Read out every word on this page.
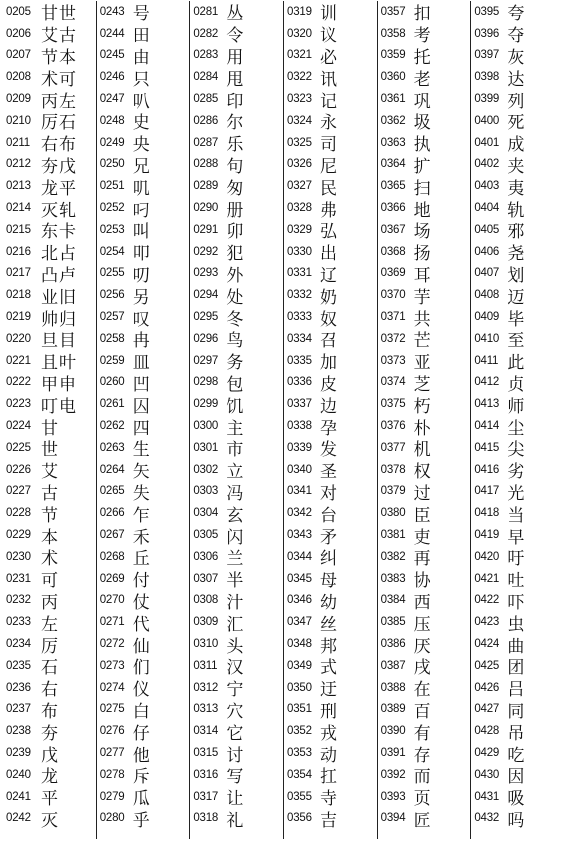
0205 甘世
0206 艾古
0207 节本
0208 术可
0209 丙左
0210 厉石
0211 右布
0212 夯戊
0213 龙平
0214 灭轧
0215 东卡
0216 北占
0217 凸卢
0218 业旧
0219 帅归
0220 旦目
0221 且叶
0222 甲申
0223 叮电
0224 甘
0225 世
0226 艾
0227 古
0228 节
0229 本
0230 术
0231 可
0232 丙
0233 左
0234 厉
0235 石
0236 右
0237 布
0238 夯
0239 戊
0240 龙
0241 平
0242 灭
0243 号
0244 田
0245 由
0246 只
0247 叭
0248 史
0249 央
0250 兄
0251 叽
0252 叼
0253 叫
0254 叩
0255 叨
0256 另
0257 叹
0258 冉
0259 皿
0260 凹
0261 囚
0262 四
0263 生
0264 矢
0265 失
0266 乍
0267 禾
0268 丘
0269 付
0270 仗
0271 代
0272 仙
0273 们
0274 仪
0275 白
0276 仔
0277 他
0278 斥
0279 瓜
0280 乎
0281 丛
0282 令
0283 用
0284 甩
0285 印
0286 尔
0287 乐
0288 句
0289 匆
0290 册
0291 卯
0292 犯
0293 外
0294 处
0295 冬
0296 鸟
0297 务
0298 包
0299 饥
0300 主
0301 市
0302 立
0303 冯
0304 玄
0305 闪
0306 兰
0307 半
0308 汁
0309 汇
0310 头
0311 汉
0312 宁
0313 穴
0314 它
0315 讨
0316 写
0317 让
0318 礼
0319 训
0320 议
0321 必
0322 讯
0323 记
0324 永
0325 司
0326 尼
0327 民
0328 弗
0329 弘
0330 出
0331 辽
0332 奶
0333 奴
0334 召
0335 加
0336 皮
0337 边
0338 孕
0339 发
0340 圣
0341 对
0342 台
0343 矛
0344 纠
0345 母
0346 幼
0347 丝
0348 邦
0349 式
0350 迂
0351 刑
0352 戎
0353 动
0354 扛
0355 寺
0356 吉
0357 扣
0358 考
0359 托
0360 老
0361 巩
0362 圾
0363 执
0364 扩
0365 扫
0366 地
0367 场
0368 扬
0369 耳
0370 芋
0371 共
0372 芒
0373 亚
0374 芝
0375 朽
0376 朴
0377 机
0378 权
0379 过
0380 臣
0381 吏
0382 再
0383 协
0384 西
0385 压
0386 厌
0387 戌
0388 在
0389 百
0390 有
0391 存
0392 而
0393 页
0394 匠
0395 夸
0396 夺
0397 灰
0398 达
0399 列
0400 死
0401 成
0402 夹
0403 夷
0404 轨
0405 邪
0406 尧
0407 划
0408 迈
0409 毕
0410 至
0411 此
0412 贞
0413 师
0414 尘
0415 尖
0416 劣
0417 光
0418 当
0419 早
0420 吁
0421 吐
0422 吓
0423 虫
0424 曲
0425 团
0426 吕
0427 同
0428 吊
0429 吃
0430 因
0431 吸
0432 吗
